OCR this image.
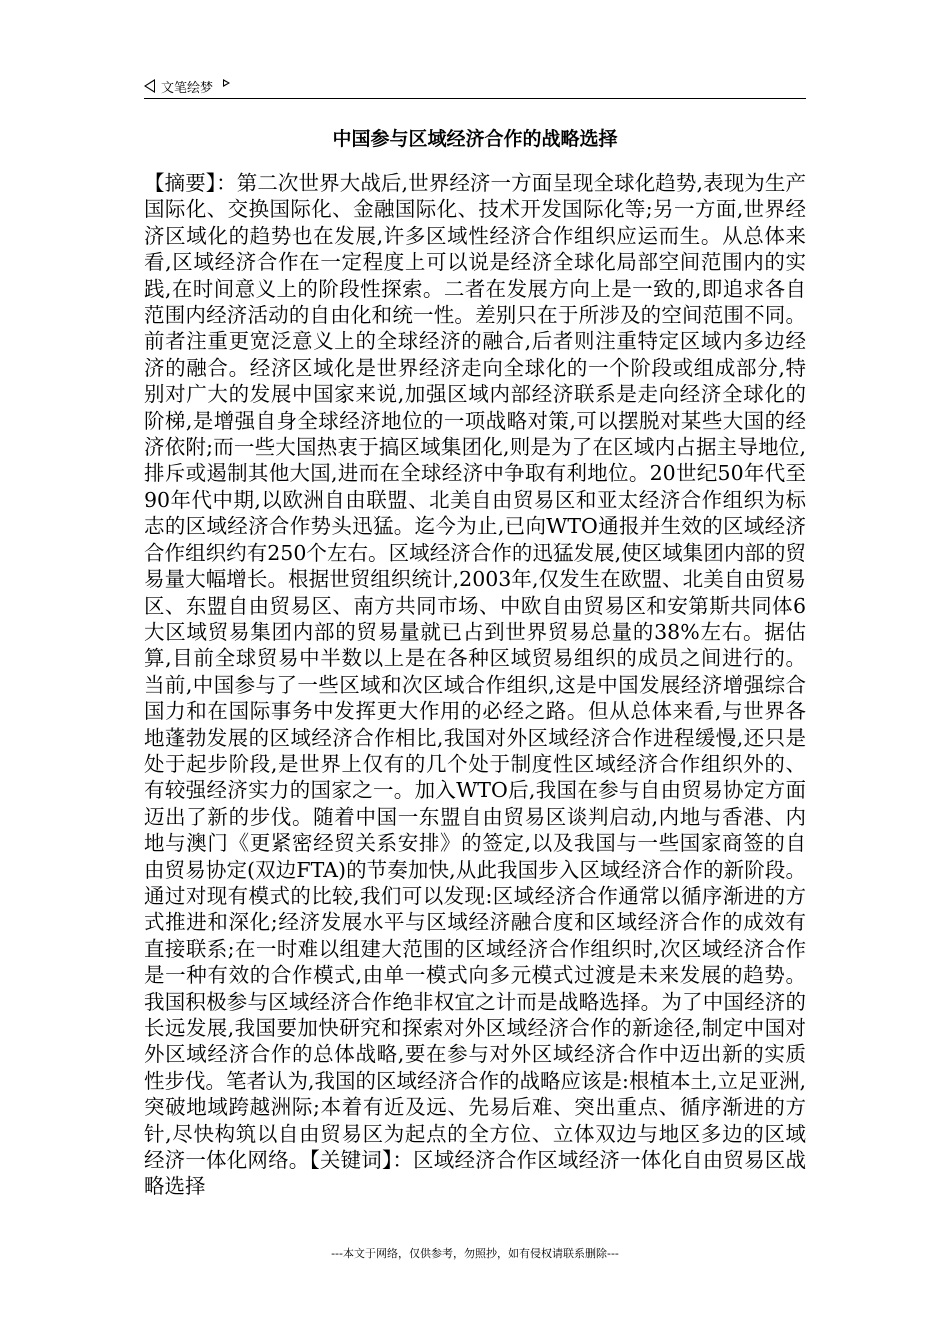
文笔绘梦
中国参与区域经济合作的战略选择
【摘要】：第二次世界大战后,世界经济一方面呈现全球化趋势,表现为生产国际化、交换国际化、金融国际化、技术开发国际化等;另一方面,世界经济区域化的趋势也在发展,许多区域性经济合作组织应运而生。从总体来看,区域经济合作在一定程度上可以说是经济全球化局部空间范围内的实践,在时间意义上的阶段性探索。二者在发展方向上是一致的,即追求各自范围内经济活动的自由化和统一性。差别只在于所涉及的空间范围不同。前者注重更宽泛意义上的全球经济的融合,后者则注重特定区域内多边经济的融合。经济区域化是世界经济走向全球化的一个阶段或组成部分,特别对广大的发展中国家来说,加强区域内部经济联系是走向经济全球化的阶梯,是增强自身全球经济地位的一项战略对策,可以摆脱对某些大国的经济依附;而一些大国热衷于搞区域集团化,则是为了在区域内占据主导地位,排斥或遏制其他大国,进而在全球经济中争取有利地位。20世纪50年代至90年代中期,以欧洲自由联盟、北美自由贸易区和亚太经济合作组织为标志的区域经济合作势头迅猛。迄今为止,已向WTO通报并生效的区域经济合作组织约有250个左右。区域经济合作的迅猛发展,使区域集团内部的贸易量大幅增长。根据世贸组织统计,2003年,仅发生在欧盟、北美自由贸易区、东盟自由贸易区、南方共同市场、中欧自由贸易区和安第斯共同体6大区域贸易集团内部的贸易量就已占到世界贸易总量的38%左右。据估算,目前全球贸易中半数以上是在各种区域贸易组织的成员之间进行的。当前,中国参与了一些区域和次区域合作组织,这是中国发展经济增强综合国力和在国际事务中发挥更大作用的必经之路。但从总体来看,与世界各地蓬勃发展的区域经济合作相比,我国对外区域经济合作进程缓慢,还只是处于起步阶段,是世界上仅有的几个处于制度性区域经济合作组织外的、有较强经济实力的国家之一。加入WTO后,我国在参与自由贸易协定方面迈出了新的步伐。随着中国一东盟自由贸易区谈判启动,内地与香港、内地与澳门《更紧密经贸关系安排》的签定,以及我国与一些国家商签的自由贸易协定(双边FTA)的节奏加快,从此我国步入区域经济合作的新阶段。通过对现有模式的比较,我们可以发现:区域经济合作通常以循序渐进的方式推进和深化;经济发展水平与区域经济融合度和区域经济合作的成效有直接联系;在一时难以组建大范围的区域经济合作组织时,次区域经济合作是一种有效的合作模式,由单一模式向多元模式过渡是未来发展的趋势。我国积极参与区域经济合作绝非权宜之计而是战略选择。为了中国经济的长远发展,我国要加快研究和探索对外区域经济合作的新途径,制定中国对外区域经济合作的总体战略,要在参与对外区域经济合作中迈出新的实质性步伐。笔者认为,我国的区域经济合作的战略应该是:根植本土,立足亚洲,突破地域跨越洲际;本着有近及远、先易后难、突出重点、循序渐进的方针,尽快构筑以自由贸易区为起点的全方位、立体双边与地区多边的区域经济一体化网络。【关键词】：区域经济合作区域经济一体化自由贸易区战略选择
---本文于网络，仅供参考，勿照抄，如有侵权请联系删除---
